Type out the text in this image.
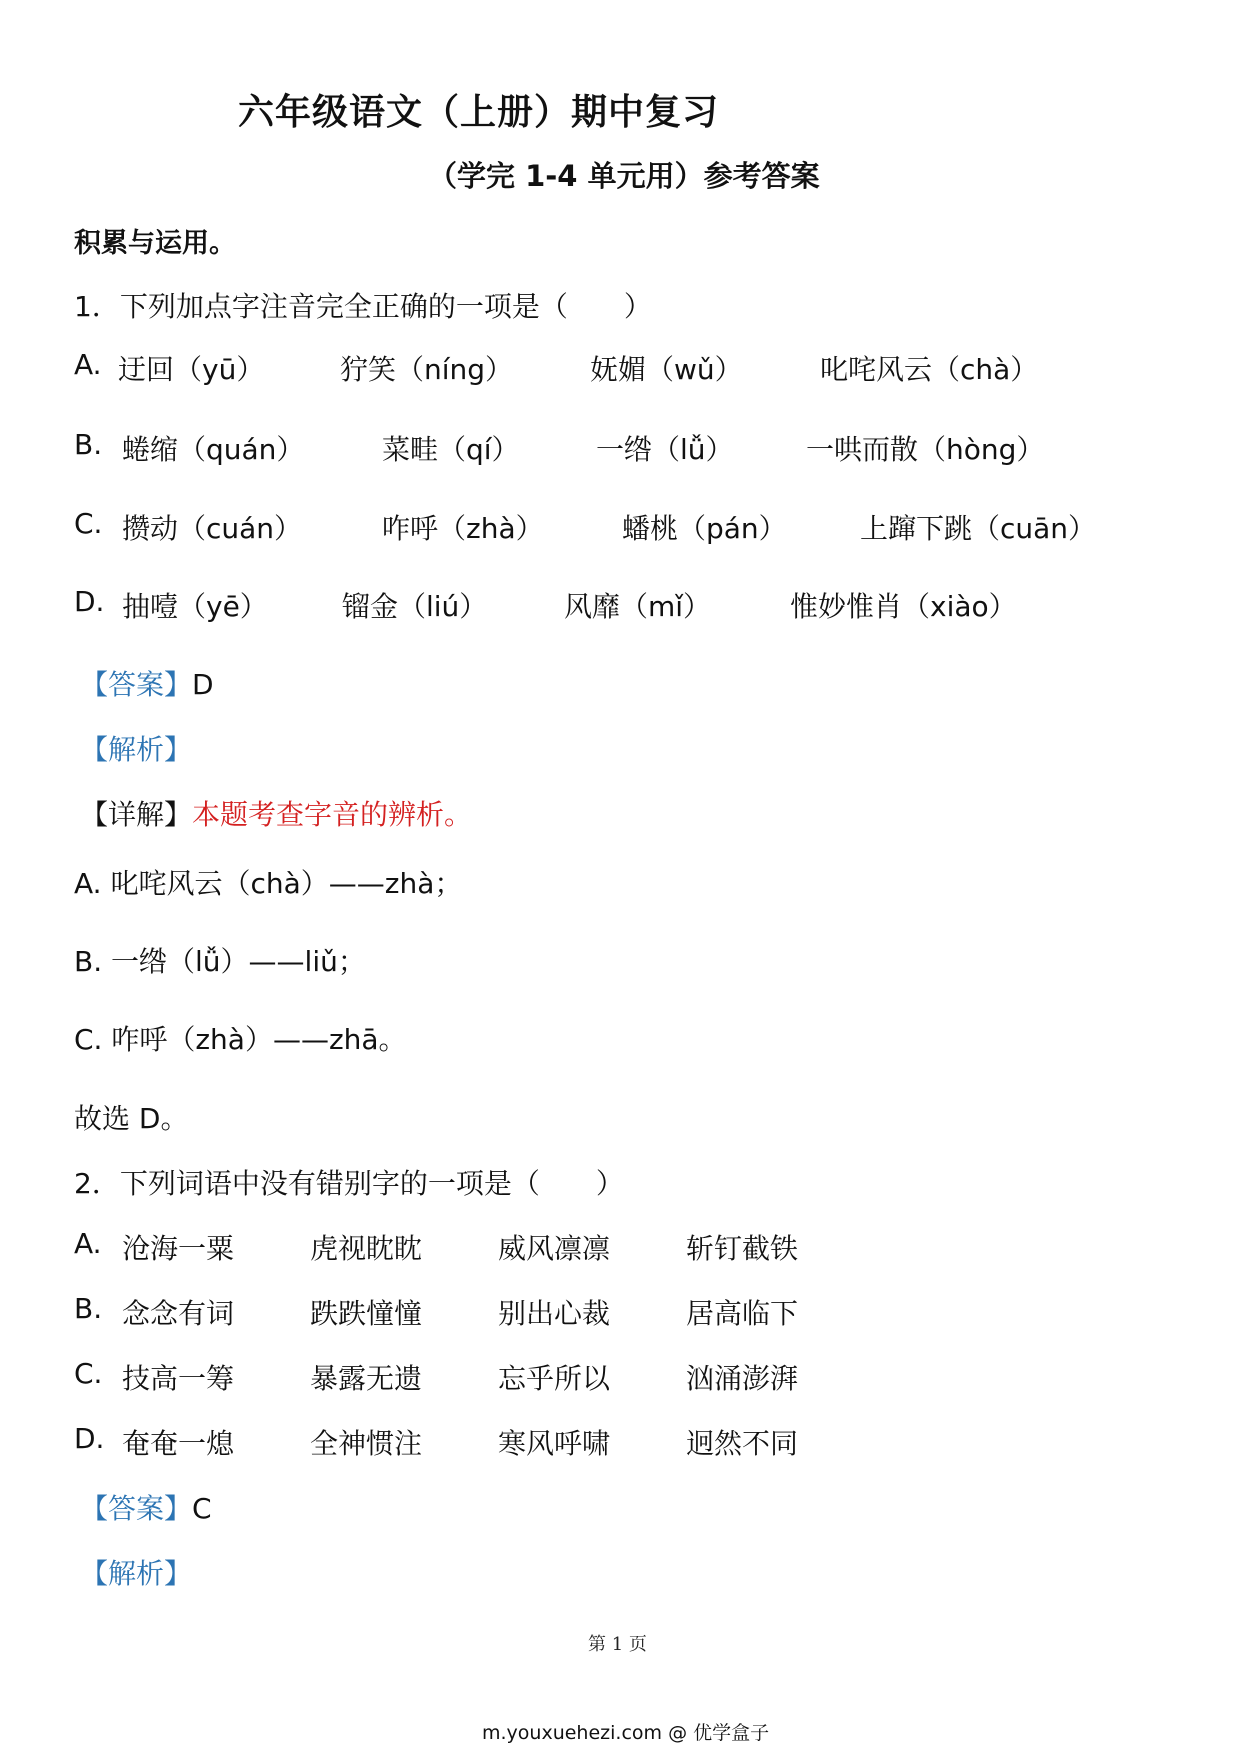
六年级语文（上册）期中复习
（学完 1-4 单元用）参考答案
积累与运用。
1．下列加点字注音完全正确的一项是（　　）
A. 迂回（yū）	狞笑（níng）	妩媚（wǔ）	叱咤风云（chà）
B. 蜷缩（quán）	菜畦（qí）	一绺（lǚ）	一哄而散（hòng）
C. 攒动（cuán）	咋呼（zhà）	蟠桃（pán）	上蹿下跳（cuān）
D. 抽噎（yē）	镏金（liú）	风靡（mǐ）	惟妙惟肖（xiào）
【答案】D
【解析】
【详解】本题考查字音的辨析。
A. 叱咤风云（chà）——zhà；
B. 一绺（lǚ）——liǔ；
C. 咋呼（zhà）——zhā。
故选 D。
2．下列词语中没有错别字的一项是（　　）
A. 沧海一粟	虎视眈眈	威风凛凛	斩钉截铁
B. 念念有词	跌跌憧憧	别出心裁	居高临下
C. 技高一筹	暴露无遗	忘乎所以	汹涌澎湃
D. 奄奄一熄	全神惯注	寒风呼啸	迥然不同
【答案】C
【解析】
第 1 页
m.youxuehezi.com @ 优学盒子
